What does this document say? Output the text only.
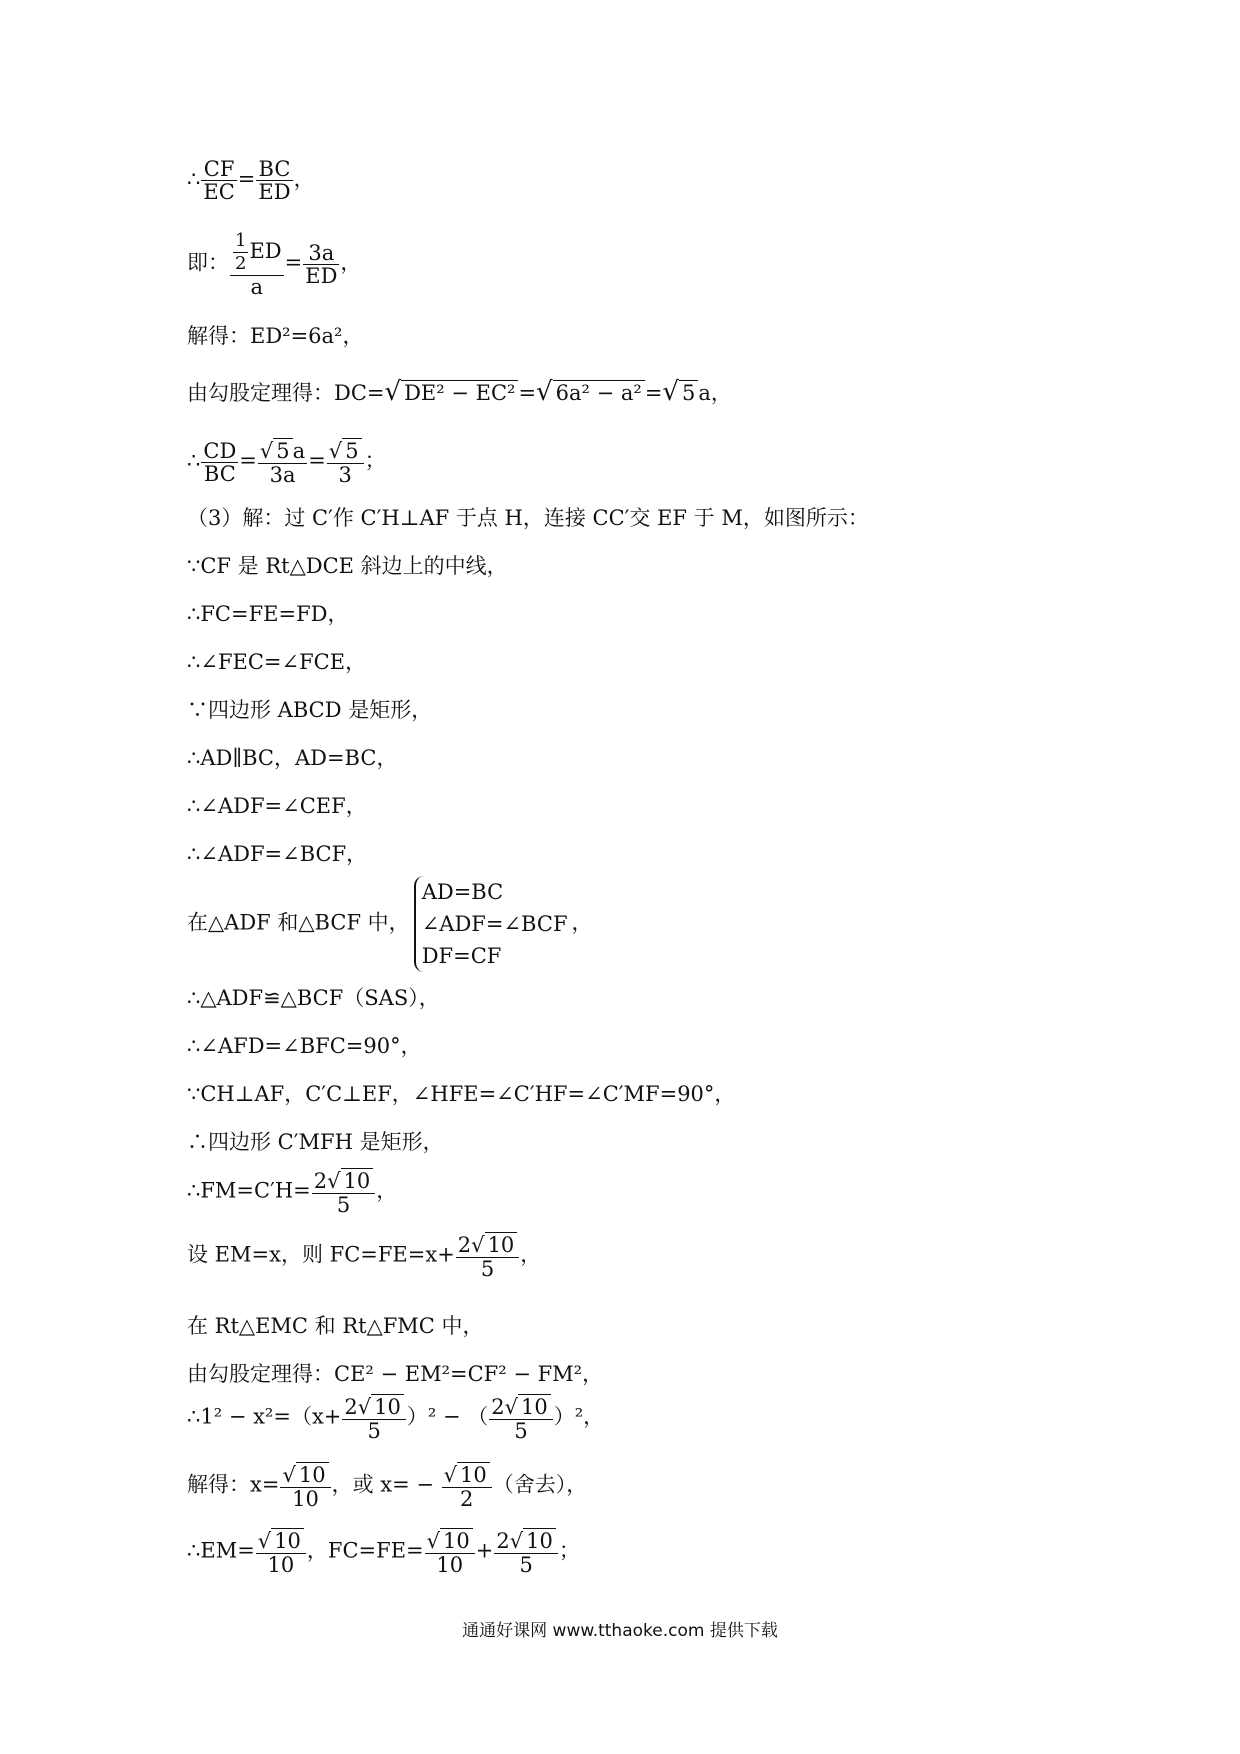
∴ $\frac{CF}{EC} = \frac{BC}{ED}$ ，
即： $\frac{\frac{1}{2} ED}{a} = \frac{3a}{ED}$ ，
解得：ED²=6a²，
由勾股定理得：DC=√ DE² − EC² =√ 6a² − a² =√ 5 a，
∴ $\frac{CD}{BC} = \frac{√ 5 a}{3a} = \frac{√ 5}{3}$ ；
（3）解：过 C′作 C′H⊥AF 于点 H，连接 CC′交 EF 于 M，如图所示：
∵CF 是 Rt△DCE 斜边上的中线，
∴FC=FE=FD，
∴∠FEC=∠FCE，
∵四边形 ABCD 是矩形，
∴AD∥BC，AD=BC，
∴∠ADF=∠CEF，
∴∠ADF=∠BCF，
在△ADF 和△BCF 中，
AD=BC
∠ADF=∠BCF
DF=CF
，
∴△ADF≌△BCF（SAS），
∴∠AFD=∠BFC=90°，
∵CH⊥AF，C′C⊥EF，∠HFE=∠C′HF=∠C′MF=90°，
∴四边形 C′MFH 是矩形，
∴FM=C′H= $\frac{2√ 10}{5}$ ，
设 EM=x，则 $FC=FE=x+ \frac{2√ 10}{5}$ ，
在 Rt△EMC 和 Rt△FMC 中，
由勾股定理得：CE² − EM²=CF² − FM²，
∴1² − $x^2=(x+ \frac{2√ 10}{5} )^2$ − （ $\frac{2√ 10}{5} )^2$，
解得：$x= \frac{√ 10}{10}$ ，或 $x= - \frac{√ 10}{2}$ （舍去），
∴EM= $\frac{√ 10}{10}$ ，$FC=FE= \frac{√ 10}{10} + \frac{2√ 10}{5}$ ；
通通好课网 www.tthaoke.com 提供下载
